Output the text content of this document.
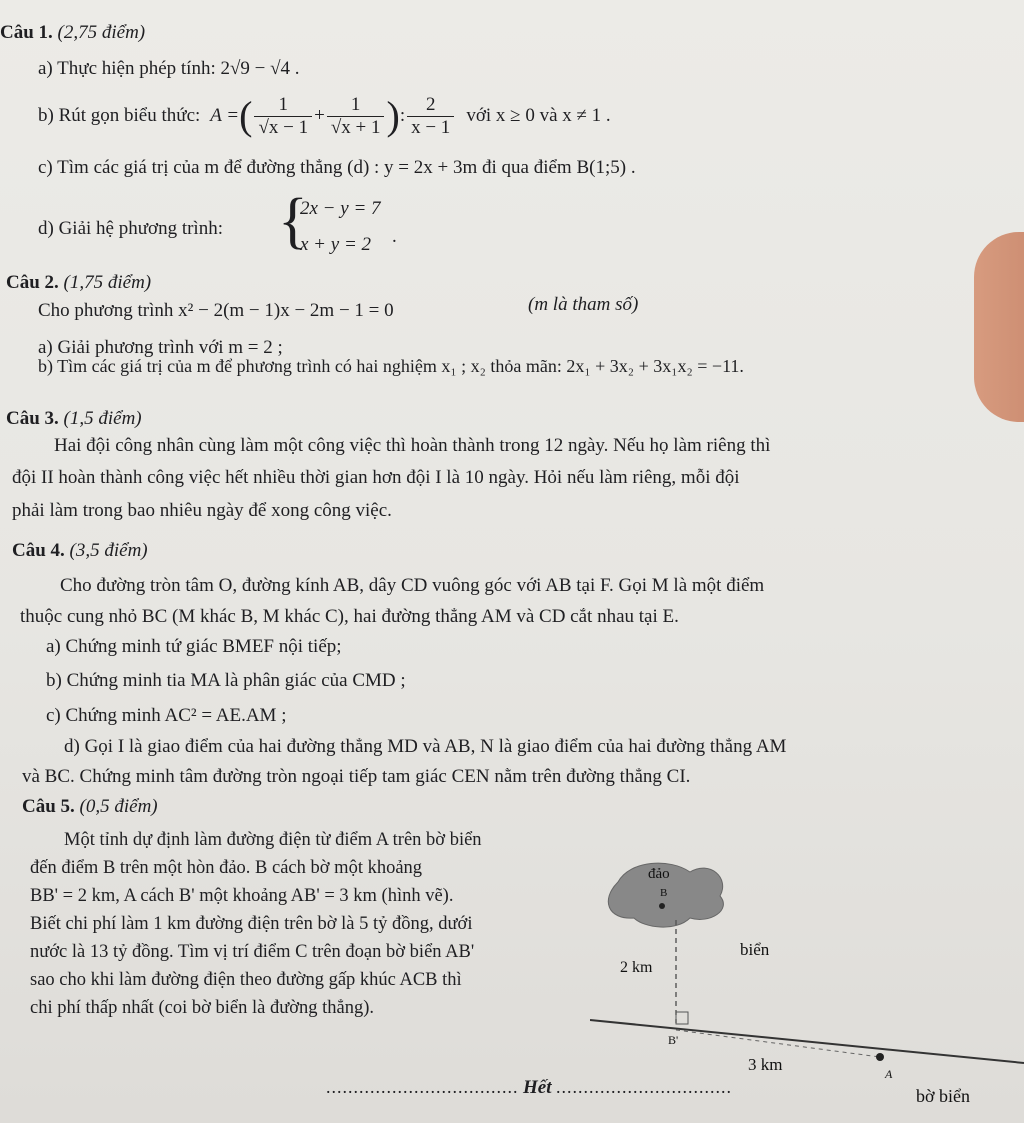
Câu 1. (2,75 điểm)
a) Thực hiện phép tính: 2√9 − √4 .
b) Rút gọn biểu thức: A = ( $\frac{1}{√x - 1} + \frac{1}{√x + 1}$ ) : $\frac{2}{x - 1}$ với x ≥ 0 và x ≠ 1 .
c) Tìm các giá trị của m để đường thẳng (d) : y = 2x + 3m đi qua điểm B(1;5) .
d) Giải hệ phương trình: {
2x − y = 7
x + y = 2 .
Câu 2. (1,75 điểm)
Cho phương trình x² − 2(m − 1)x − 2m − 1 = 0	(m là tham số)
a) Giải phương trình với m = 2 ;
b) Tìm các giá trị của m để phương trình có hai nghiệm x₁ ; x₂ thỏa mãn: 2x₁ + 3x₂ + 3x₁x₂ = −11.
Câu 3. (1,5 điểm)
Hai đội công nhân cùng làm một công việc thì hoàn thành trong 12 ngày. Nếu họ làm riêng thì
đội II hoàn thành công việc hết nhiều thời gian hơn đội I là 10 ngày. Hỏi nếu làm riêng, mỗi đội
phải làm trong bao nhiêu ngày để xong công việc.
Câu 4. (3,5 điểm)
Cho đường tròn tâm O, đường kính AB, dây CD vuông góc với AB tại F. Gọi M là một điểm
thuộc cung nhỏ BC (M khác B, M khác C), hai đường thẳng AM và CD cắt nhau tại E.
a) Chứng minh tứ giác BMEF nội tiếp;
b) Chứng minh tia MA là phân giác của CMD ;
c) Chứng minh AC² = AE.AM ;
d) Gọi I là giao điểm của hai đường thẳng MD và AB, N là giao điểm của hai đường thẳng AM
và BC. Chứng minh tâm đường tròn ngoại tiếp tam giác CEN nằm trên đường thẳng CI.
Câu 5. (0,5 điểm)
Một tỉnh dự định làm đường điện từ điểm A trên bờ biển
đến điểm B trên một hòn đảo. B cách bờ một khoảng
BB' = 2 km, A cách B' một khoảng AB' = 3 km (hình vẽ).
Biết chi phí làm 1 km đường điện trên bờ là 5 tỷ đồng, dưới
nước là 13 tỷ đồng. Tìm vị trí điểm C trên đoạn bờ biển AB'
sao cho khi làm đường điện theo đường gấp khúc ACB thì
chi phí thấp nhất (coi bờ biển là đường thẳng).
đảo
B
biển
2 km
B'
3 km	A
bờ biển
................................... Hết ................................
